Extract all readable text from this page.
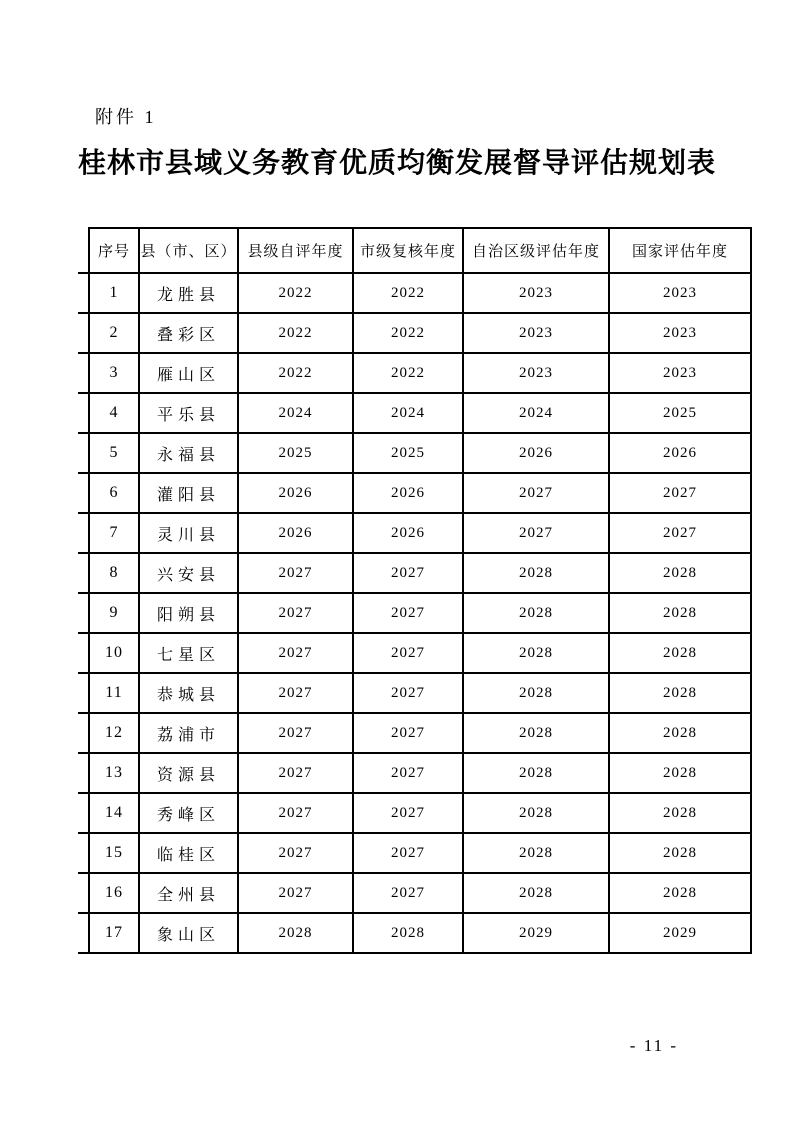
附件 1
桂林市县域义务教育优质均衡发展督导评估规划表
序号	县（市、区）	县级自评年度	市级复核年度	自治区级评估年度	国家评估年度
1	龙胜县	2022	2022	2023	2023
2	叠彩区	2022	2022	2023	2023
3	雁山区	2022	2022	2023	2023
4	平乐县	2024	2024	2024	2025
5	永福县	2025	2025	2026	2026
6	灌阳县	2026	2026	2027	2027
7	灵川县	2026	2026	2027	2027
8	兴安县	2027	2027	2028	2028
9	阳朔县	2027	2027	2028	2028
10	七星区	2027	2027	2028	2028
11	恭城县	2027	2027	2028	2028
12	荔浦市	2027	2027	2028	2028
13	资源县	2027	2027	2028	2028
14	秀峰区	2027	2027	2028	2028
15	临桂区	2027	2027	2028	2028
16	全州县	2027	2027	2028	2028
17	象山区	2028	2028	2029	2029
- 11 -
